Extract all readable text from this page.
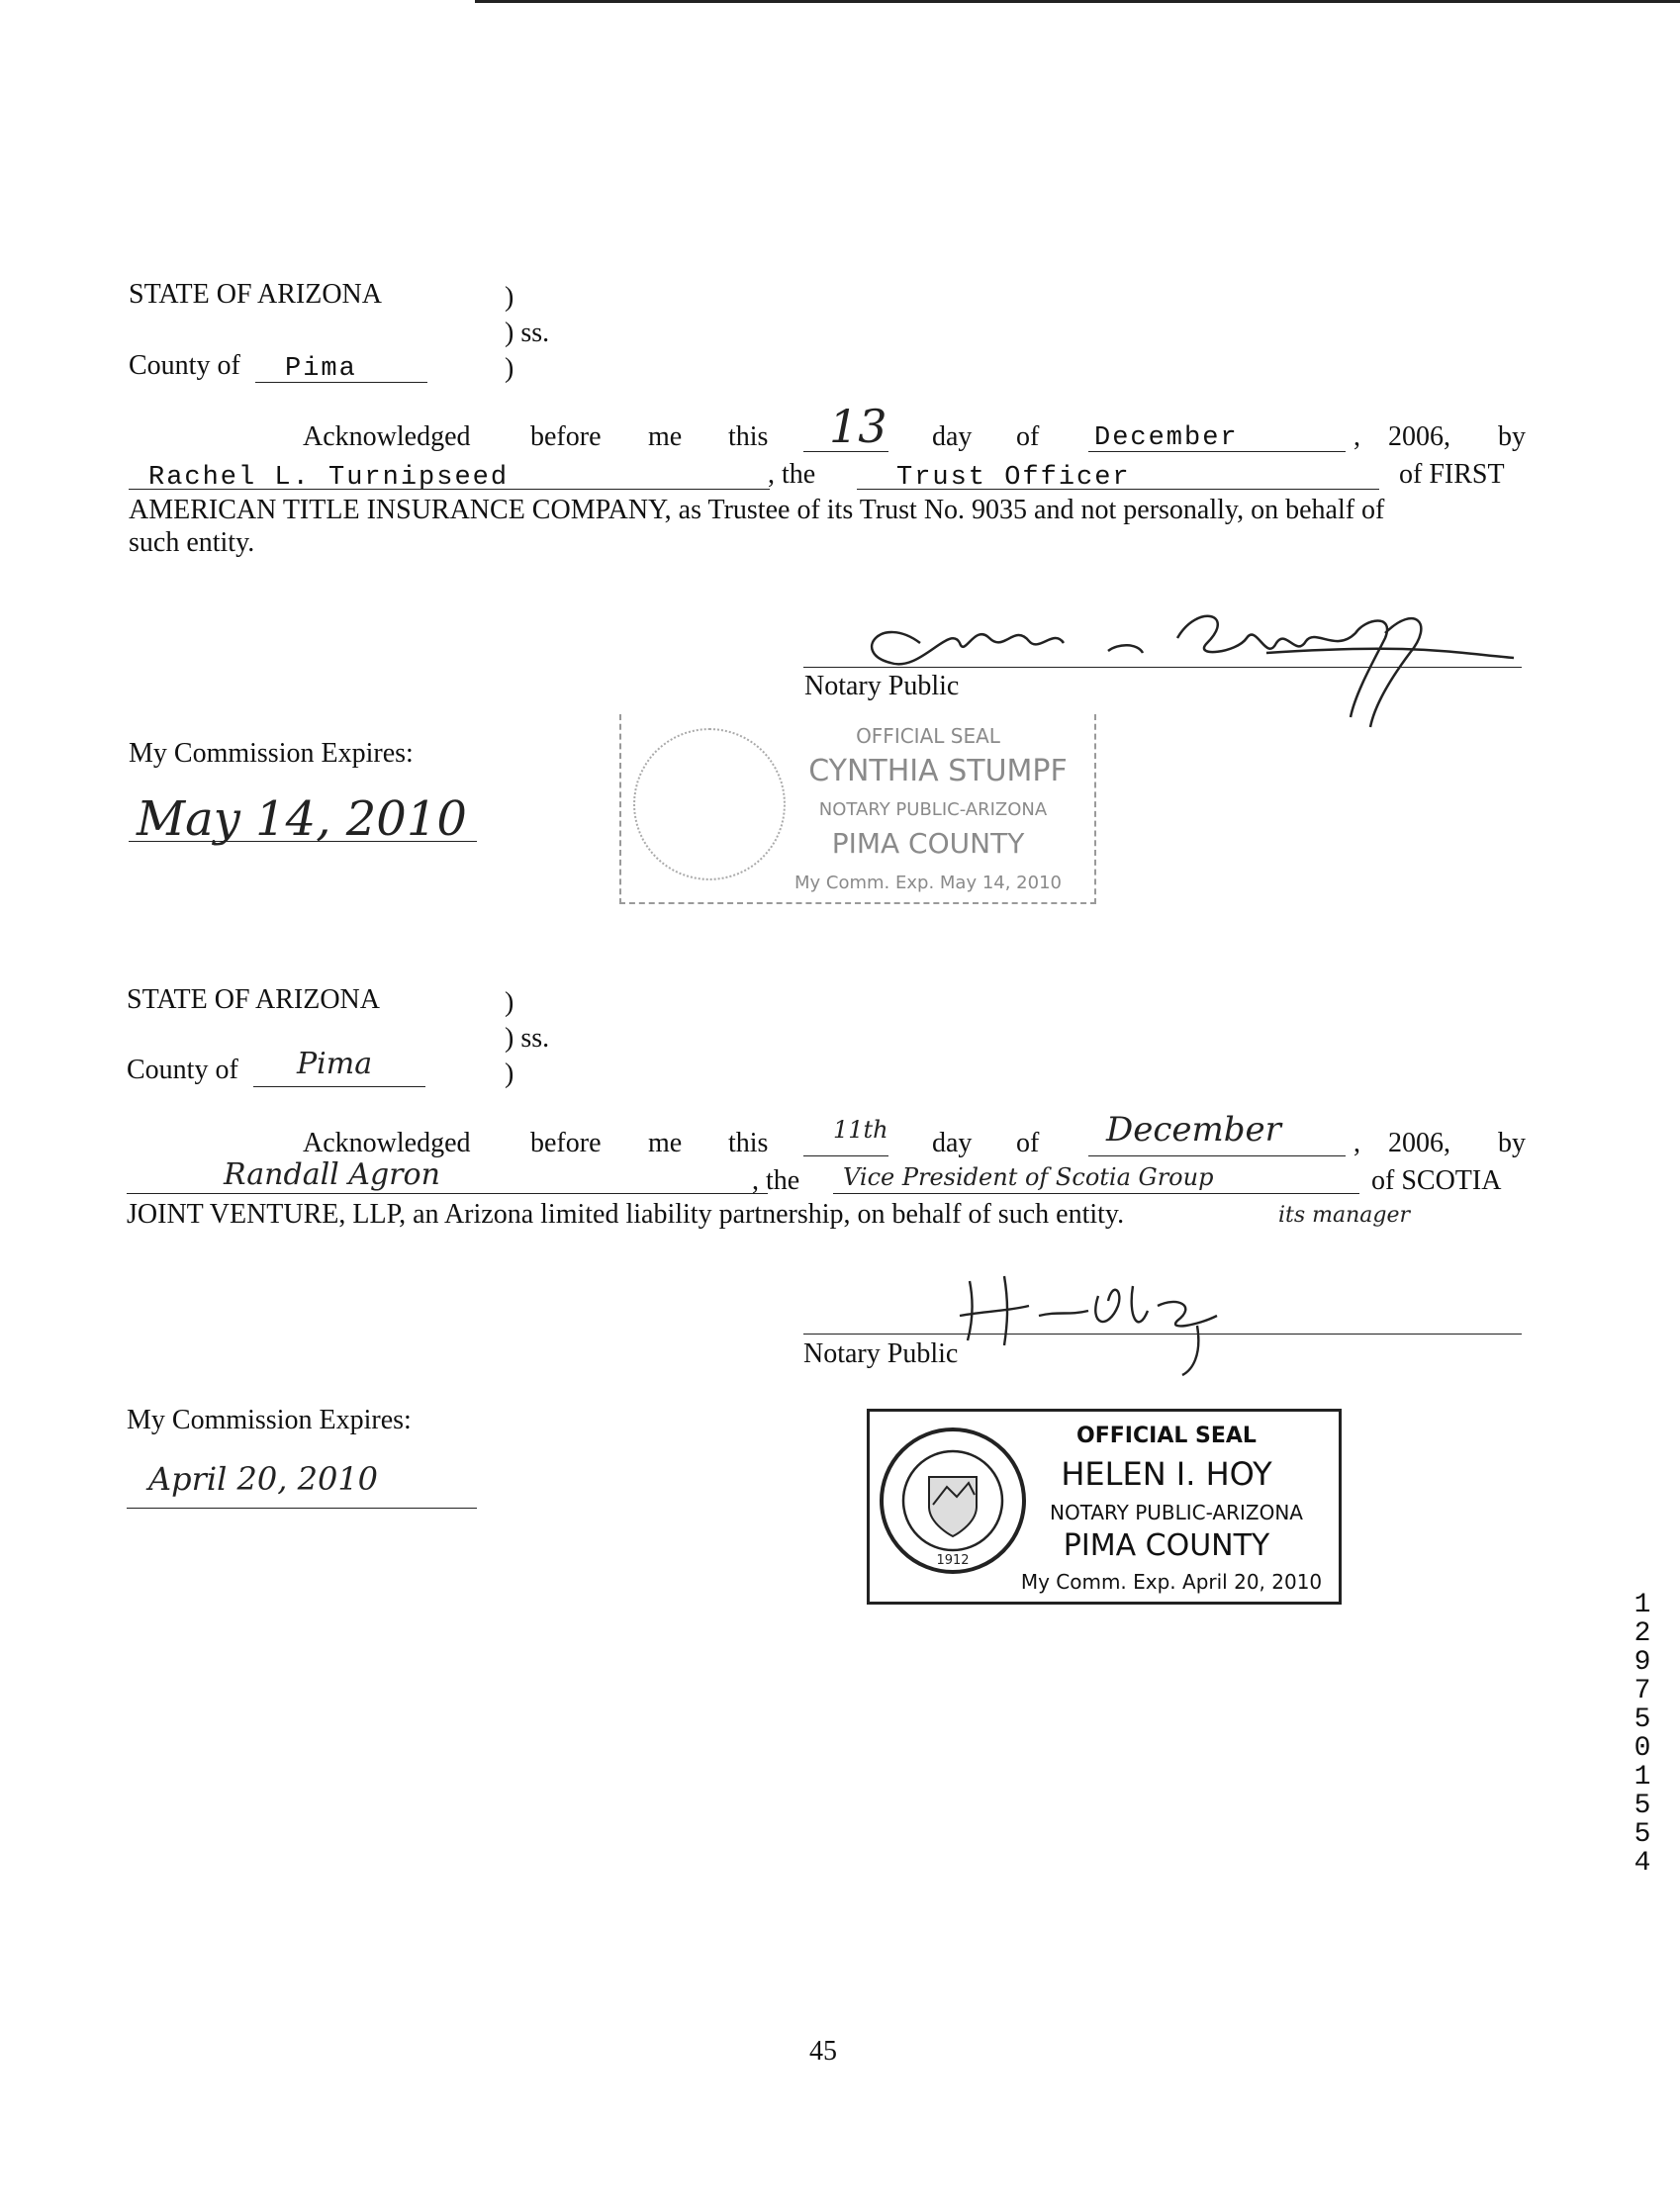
STATE OF ARIZONA	)
) ss.
County of Pima	)
Acknowledged before me this 13 day of December	, 2006, by
Rachel L. Turnipseed	, the	Trust Officer	of FIRST
AMERICAN TITLE INSURANCE COMPANY, as Trustee of its Trust No. 9035 and not personally, on behalf of
such entity.
Notary Public
My Commission Expires:
May 14, 2010
OFFICIAL SEAL
CYNTHIA STUMPF
NOTARY PUBLIC-ARIZONA
PIMA COUNTY
My Comm. Exp. May 14, 2010
STATE OF ARIZONA	)
) ss.
County of Pima	)
Acknowledged before me this	11th day of December	, 2006, by
Randall Agron	, the Vice President of Scotia Group	of SCOTIA
JOINT VENTURE, LLP, an Arizona limited liability partnership, on behalf of such entity.	its manager
Notary Public
My Commission Expires:
April 20, 2010
1912
OFFICIAL SEAL
HELEN I. HOY
NOTARY PUBLIC-ARIZONA
PIMA COUNTY
My Comm. Exp. April 20, 2010
1 2 9 7 5 0 1 5 5 4
45
